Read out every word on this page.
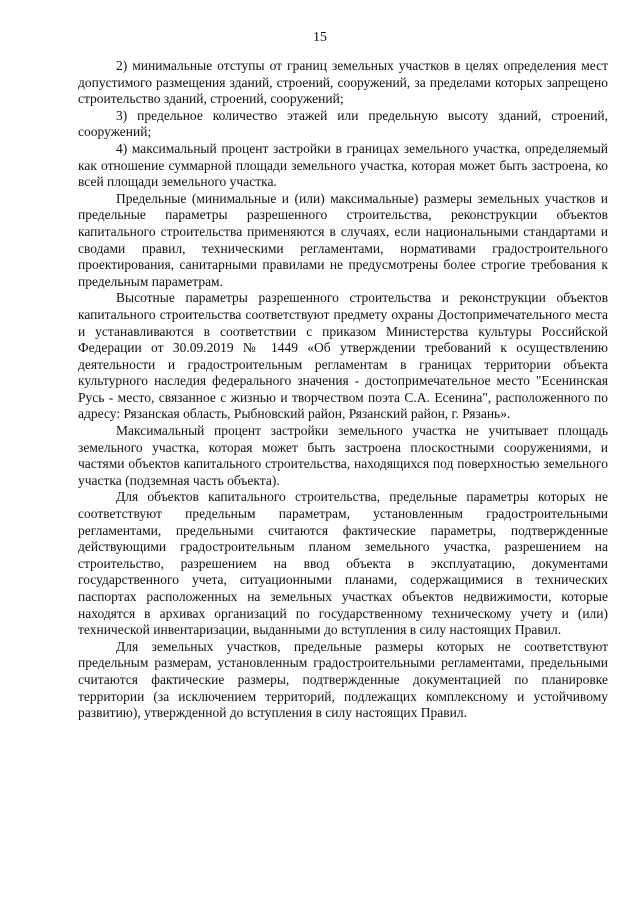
15

2) минимальные отступы от границ земельных участков в целях определения мест допустимого размещения зданий, строений, сооружений, за пределами которых запрещено строительство зданий, строений, сооружений;

3) предельное количество этажей или предельную высоту зданий, строений, сооружений;

4) максимальный процент застройки в границах земельного участка, определяемый как отношение суммарной площади земельного участка, которая может быть застроена, ко всей площади земельного участка.

Предельные (минимальные и (или) максимальные) размеры земельных участков и предельные параметры разрешенного строительства, реконструкции объектов капитального строительства применяются в случаях, если национальными стандартами и сводами правил, техническими регламентами, нормативами градостроительного проектирования, санитарными правилами не предусмотрены более строгие требования к предельным параметрам.

Высотные параметры разрешенного строительства и реконструкции объектов капитального строительства соответствуют предмету охраны Достопримечательного места и устанавливаются в соответствии с приказом Министерства культуры Российской Федерации от 30.09.2019 № 1449 «Об утверждении требований к осуществлению деятельности и градостроительным регламентам в границах территории объекта культурного наследия федерального значения - достопримечательное место "Есенинская Русь - место, связанное с жизнью и творчеством поэта С.А. Есенина", расположенного по адресу: Рязанская область, Рыбновский район, Рязанский район, г. Рязань».

Максимальный процент застройки земельного участка не учитывает площадь земельного участка, которая может быть застроена плоскостными сооружениями, и частями объектов капитального строительства, находящихся под поверхностью земельного участка (подземная часть объекта).

Для объектов капитального строительства, предельные параметры которых не соответствуют предельным параметрам, установленным градостроительными регламентами, предельными считаются фактические параметры, подтвержденные действующими градостроительным планом земельного участка, разрешением на строительство, разрешением на ввод объекта в эксплуатацию, документами государственного учета, ситуационными планами, содержащимися в технических паспортах расположенных на земельных участках объектов недвижимости, которые находятся в архивах организаций по государственному техническому учету и (или) технической инвентаризации, выданными до вступления в силу настоящих Правил.

Для земельных участков, предельные размеры которых не соответствуют предельным размерам, установленным градостроительными регламентами, предельными считаются фактические размеры, подтвержденные документацией по планировке территории (за исключением территорий, подлежащих комплексному и устойчивому развитию), утвержденной до вступления в силу настоящих Правил.
